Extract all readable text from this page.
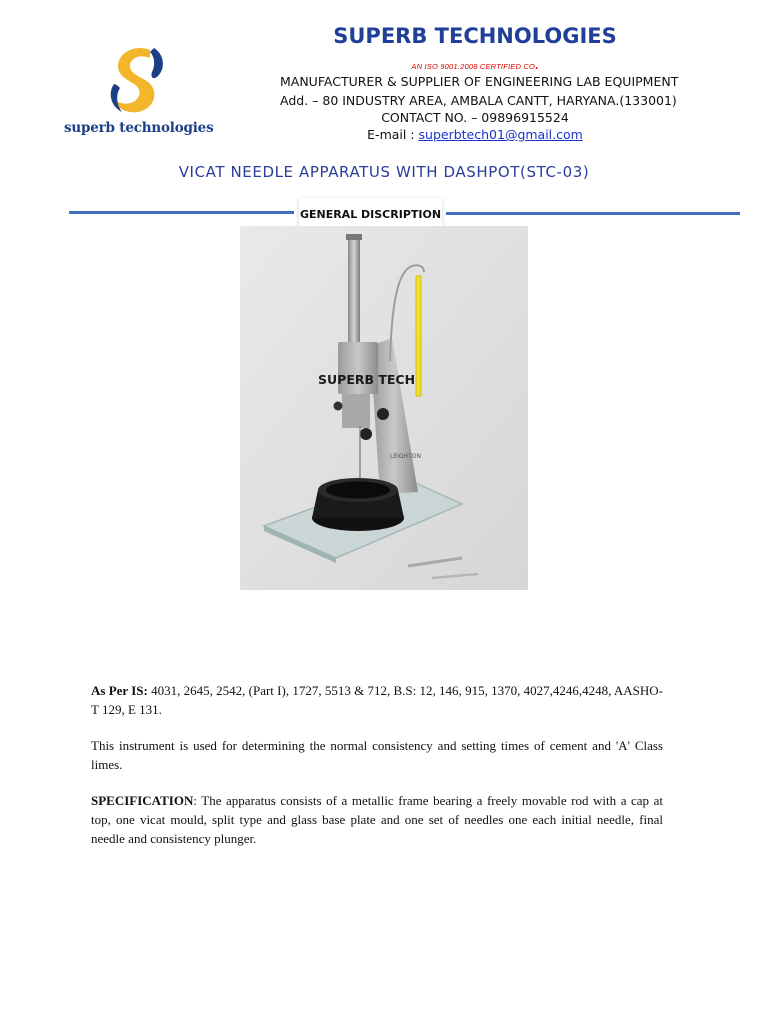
superb technologies
SUPERB TECHNOLOGIES
AN ISO 9001:2008 CERTIFIED CO.
MANUFACTURER & SUPPLIER OF ENGINEERING LAB EQUIPMENT
Add. – 80 INDUSTRY AREA, AMBALA CANTT, HARYANA.(133001)
CONTACT NO. – 09896915524
E-mail : superbtech01@gmail.com
VICAT NEEDLE APPARATUS WITH DASHPOT(STC-03)
GENERAL DISCRIPTION
LEIGHTON
SUPERB TECH
As Per IS: 4031, 2645, 2542, (Part I), 1727, 5513 & 712, B.S: 12, 146, 915, 1370, 4027,4246,4248, AASHO-T 129, E 131.
This instrument is used for determining the normal consistency and setting times of cement and 'A' Class limes.
SPECIFICATION: The apparatus consists of a metallic frame bearing a freely movable rod with a cap at top, one vicat mould, split type and glass base plate and one set of needles one each initial needle, final needle and consistency plunger.
